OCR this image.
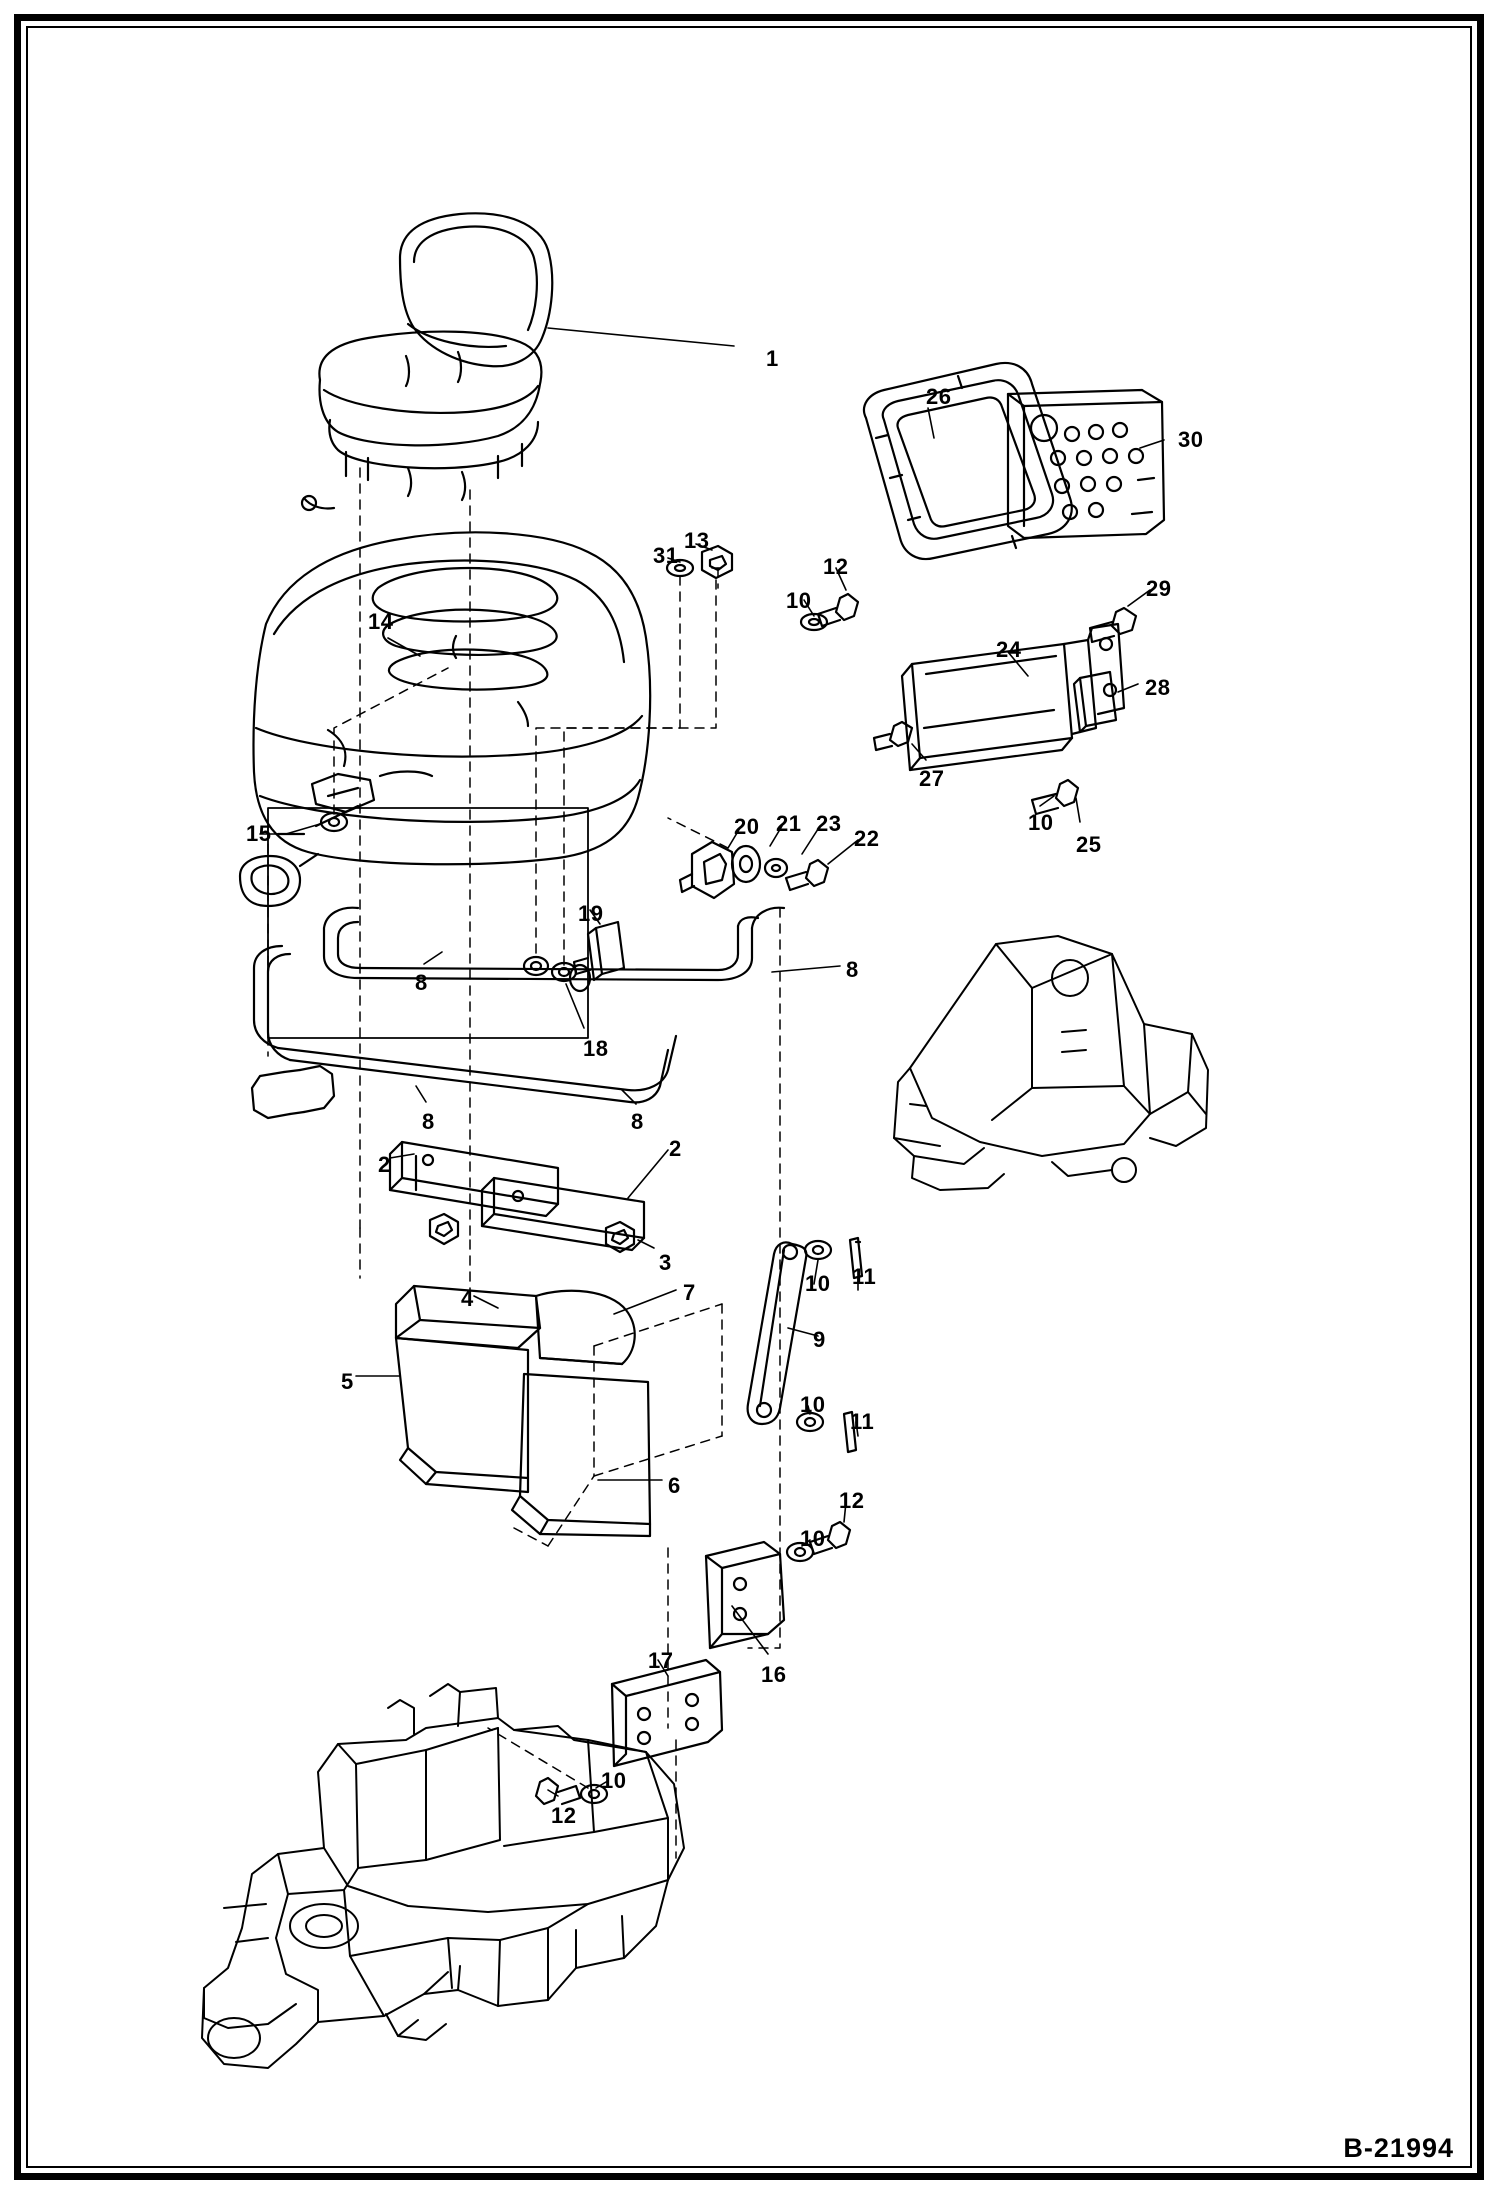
1
26
30
31
13
12
10	29
14
24
28
15
27
10
25
20 21 23
22
19
8
8
18
8	8
2
2
3
4	7	10 11
9
5
10
11
6
12
10
17
16
10
12
B-21994
